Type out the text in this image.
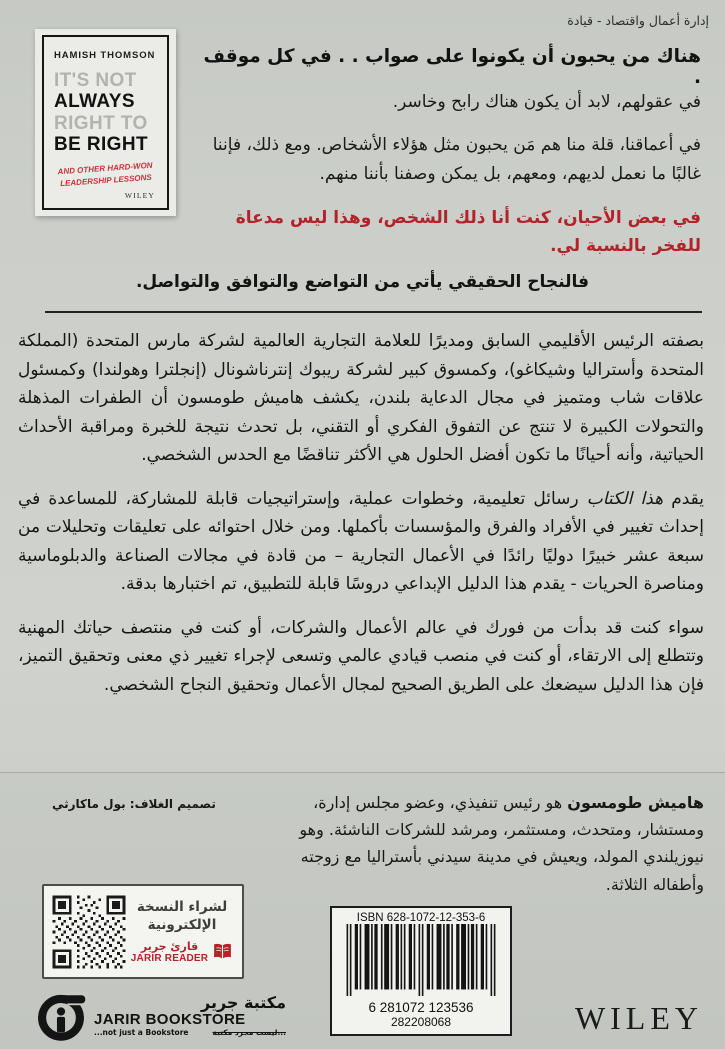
إدارة أعمال واقتصاد - قيادة
HAMISH THOMSON
IT'S NOT
ALWAYS
RIGHT TO
BE RIGHT
AND OTHER HARD-WON LEADERSHIP LESSONS
WILEY
هناك من يحبون أن يكونوا على صواب . . في كل موقف .
في عقولهم، لابد أن يكون هناك رابح وخاسر.
في أعماقنا، قلة منا هم مَن يحبون مثل هؤلاء الأشخاص. ومع ذلك، فإننا غالبًا ما نعمل لديهم، ومعهم، بل يمكن وصفنا بأننا منهم.
في بعض الأحيان، كنت أنا ذلك الشخص، وهذا ليس مدعاة للفخر بالنسبة لي.
فالنجاح الحقيقي يأتي من التواضع والتوافق والتواصل.

بصفته الرئيس الأقليمي السابق ومديرًا للعلامة التجارية العالمية لشركة مارس المتحدة (المملكة المتحدة وأستراليا وشيكاغو)، وكمسوق كبير لشركة ريبوك إنترناشونال (إنجلترا وهولندا) وكمسئول علاقات شاب ومتميز في مجال الدعاية بلندن، يكشف هاميش طومسون أن الطفرات المذهلة والتحولات الكبيرة لا تنتج عن التفوق الفكري أو التقني، بل تحدث نتيجة للخبرة ومراقبة الأحداث الحياتية، وأنه أحيانًا ما تكون أفضل الحلول هي الأكثر تناقضًا مع الحدس الشخصي.

يقدم هذا الكتاب رسائل تعليمية، وخطوات عملية، وإستراتيجيات قابلة للمشاركة، للمساعدة في إحداث تغيير في الأفراد والفرق والمؤسسات بأكملها. ومن خلال احتوائه على تعليقات وتحليلات من سبعة عشر خبيرًا دوليًا رائدًا في الأعمال التجارية – من قادة في مجالات الصناعة والدبلوماسية ومناصرة الحريات - يقدم هذا الدليل الإبداعي دروسًا قابلة للتطبيق، تم اختبارها بدقة.

سواء كنت قد بدأت من فورك في عالم الأعمال والشركات، أو كنت في منتصف حياتك المهنية وتتطلع إلى الارتقاء، أو كنت في منصب قيادي عالمي وتسعى لإجراء تغيير ذي معنى وتحقيق التميز، فإن هذا الدليل سيضعك على الطريق الصحيح لمجال الأعمال وتحقيق النجاح الشخصي.

هاميش طومسون هو رئيس تنفيذي، وعضو مجلس إدارة، ومستشار، ومتحدث، ومستثمر، ومرشد للشركات الناشئة. وهو نيوزيلندي المولد، ويعيش في مدينة سيدني بأستراليا مع زوجته وأطفاله الثلاثة.
تصميم الغلاف: بول ماكارثي
لشراء النسخة
الإلكترونية
قارئ جرير
JARIR READER
ISBN 628-1072-12-353-6
6 281072 123536
282208068
مكتبة جرير
JARIR BOOKSTORE
...not just a Bookstore	...ليست مجرد مكتبة	WILEY
